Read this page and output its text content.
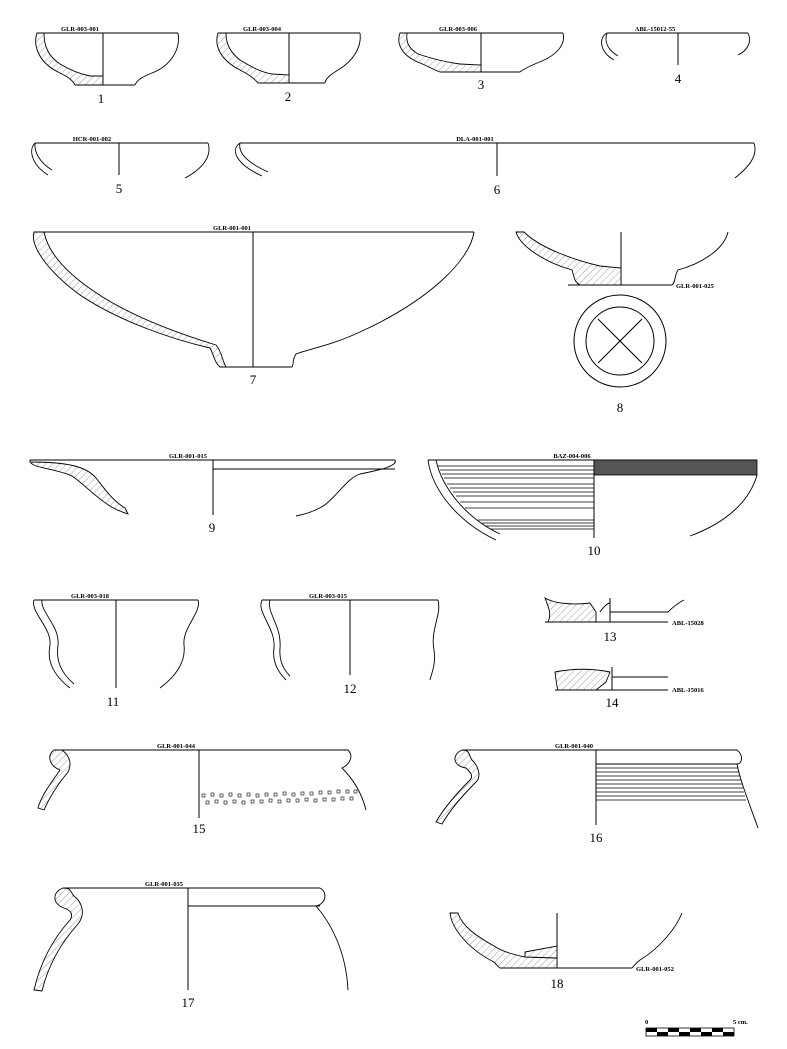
GLR-003-001
1
GLR-003-004
2
GLR-003-006
3
ABL-15012-55
4
HCR-001-002
5
DLA-001-001
6
GLR-001-001
7
GLR-001-025
8
GLR-001-015
9
BAZ-004-006
10
GLR-003-018
11
GLR-003-015
12
ABL-15028
13
ABL-15016
14
GLR-001-044
15
GLR-001-040
16
GLR-001-035
17
GLR-001-052
18
0	5 cm.
